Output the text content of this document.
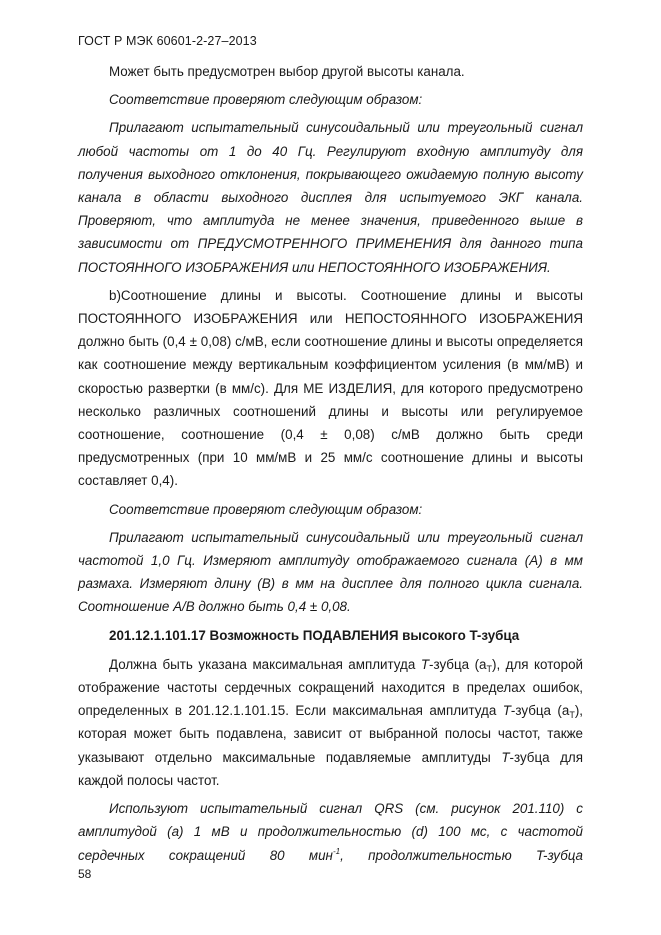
ГОСТ Р МЭК 60601-2-27–2013

Может быть предусмотрен выбор другой высоты канала.

Соответствие проверяют следующим образом:

Прилагают испытательный синусоидальный или треугольный сигнал любой частоты от 1 до 40 Гц. Регулируют входную амплитуду для получения выходного отклонения, покрывающего ожидаемую полную высоту канала в области выходного дисплея для испытуемого ЭКГ канала. Проверяют, что амплитуда не менее значения, приведенного выше в зависимости от ПРЕДУСМОТРЕННОГО ПРИМЕНЕНИЯ для данного типа ПОСТОЯННОГО ИЗОБРАЖЕНИЯ или НЕПОСТОЯННОГО ИЗОБРАЖЕНИЯ.

b)Соотношение длины и высоты. Соотношение длины и высоты ПОСТОЯННОГО ИЗОБРАЖЕНИЯ или НЕПОСТОЯННОГО ИЗОБРАЖЕНИЯ должно быть (0,4 ± 0,08) с/мВ, если соотношение длины и высоты определяется как соотношение между вертикальным коэффициентом усиления (в мм/мВ) и скоростью развертки (в мм/с). Для МЕ ИЗДЕЛИЯ, для которого предусмотрено несколько различных соотношений длины и высоты или регулируемое соотношение, соотношение (0,4 ± 0,08) с/мВ должно быть среди предусмотренных (при 10 мм/мВ и 25 мм/с соотношение длины и высоты составляет 0,4).

Соответствие проверяют следующим образом:

Прилагают испытательный синусоидальный или треугольный сигнал частотой 1,0 Гц. Измеряют амплитуду отображаемого сигнала (А) в мм размаха. Измеряют длину (В) в мм на дисплее для полного цикла сигнала. Соотношение А/В должно быть 0,4 ± 0,08.

201.12.1.101.17 Возможность ПОДАВЛЕНИЯ высокого T-зубца

Должна быть указана максимальная амплитуда T-зубца $(a_T)$, для которой отображение частоты сердечных сокращений находится в пределах ошибок, определенных в 201.12.1.101.15. Если максимальная амплитуда T-зубца $(a_T)$, которая может быть подавлена, зависит от выбранной полосы частот, также указывают отдельно максимальные подавляемые амплитуды T-зубца для каждой полосы частот.

Используют испытательный сигнал QRS (см. рисунок 201.110) с амплитудой (a) 1 мВ и продолжительностью (d) 100 мс, с частотой сердечных сокращений 80 мин$^{-1}$, продолжительностью T-зубца

58
